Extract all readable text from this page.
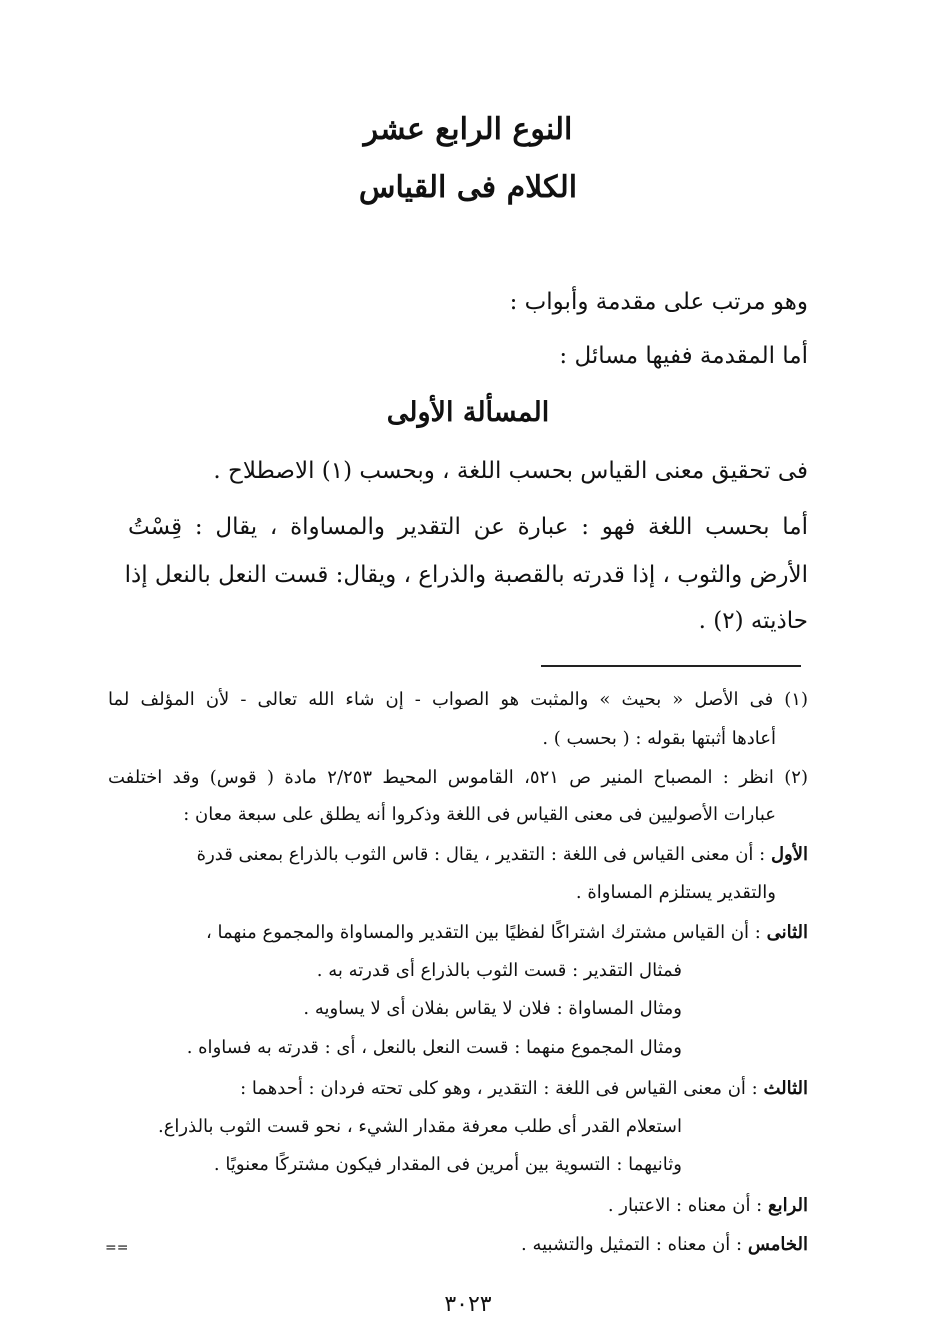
النوع الرابع عشر
الكلام فى القياس
وهو مرتب على مقدمة وأبواب :
أما المقدمة ففيها مسائل :
المسألة الأولى
فى تحقيق معنى القياس بحسب اللغة ، وبحسب (١) الاصطلاح .
أما بحسب اللغة فهو : عبارة عن التقدير والمساواة ، يقال : قِسْتُ
الأرض والثوب ، إذا قدرته بالقصبة والذراع ، ويقال: قست النعل بالنعل إذا
حاذيته (٢) .
(١) فى الأصل « بحيث » والمثبت هو الصواب - إن شاء الله تعالى - لأن المؤلف لما
أعادها أثبتها بقوله : ( بحسب ) .
(٢) انظر : المصباح المنير ص ٥٢١، القاموس المحيط ٢/٢٥٣ مادة ( قوس) وقد اختلفت
عبارات الأصوليين فى معنى القياس فى اللغة وذكروا أنه يطلق على سبعة معان :
الأول : أن معنى القياس فى اللغة : التقدير ، يقال : قاس الثوب بالذراع بمعنى قدرة
والتقدير يستلزم المساواة .
الثانى : أن القياس مشترك اشتراكًا لفظيًا بين التقدير والمساواة والمجموع منهما ،
فمثال التقدير : قست الثوب بالذراع أى قدرته به .
ومثال المساواة : فلان لا يقاس بفلان أى لا يساويه .
ومثال المجموع منهما : قست النعل بالنعل ، أى : قدرته به فساواه .
الثالث : أن معنى القياس فى اللغة : التقدير ، وهو كلى تحته فردان : أحدهما :
استعلام القدر أى طلب معرفة مقدار الشيء ، نحو قست الثوب بالذراع.
وثانيهما : التسوية بين أمرين فى المقدار فيكون مشتركًا معنويًا .
الرابع : أن معناه : الاعتبار .
الخامس : أن معناه : التمثيل والتشبيه .
==
٣٠٢٣
